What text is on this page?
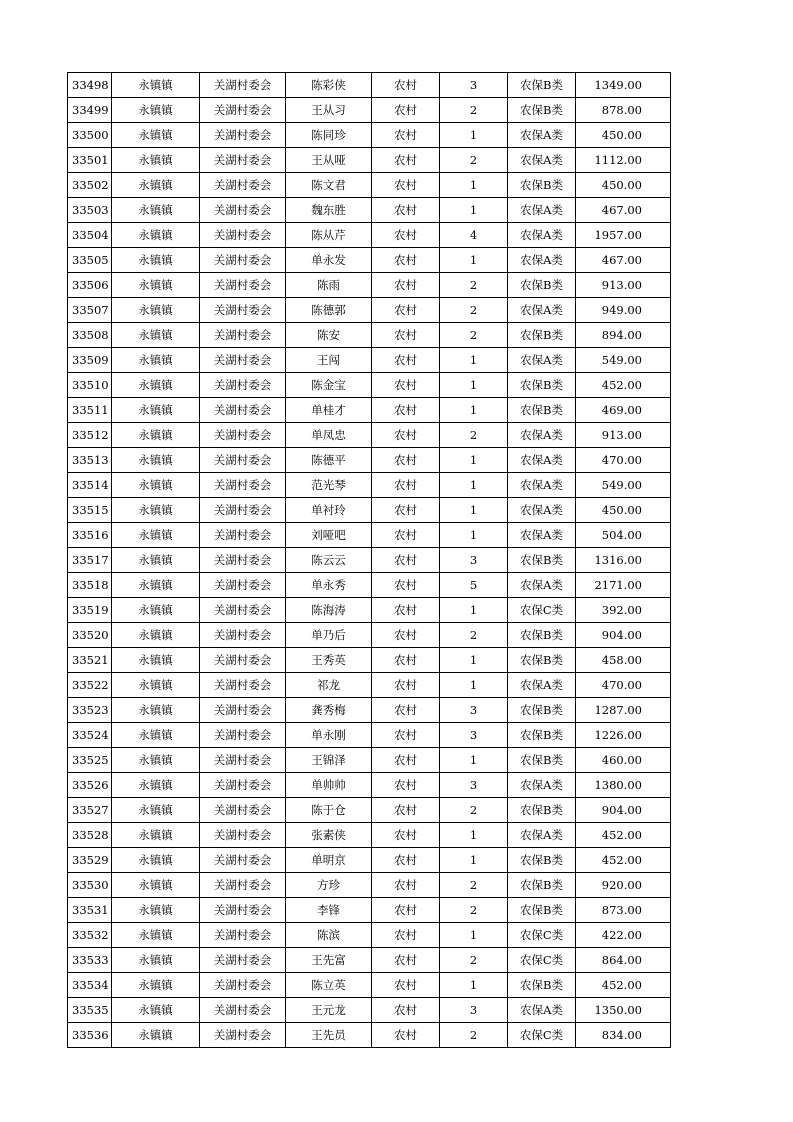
33498	永镇镇	关湖村委会	陈彩侠	农村	3	农保B类	1349.00
33499	永镇镇	关湖村委会	王从习	农村	2	农保B类	878.00
33500	永镇镇	关湖村委会	陈同珍	农村	1	农保A类	450.00
33501	永镇镇	关湖村委会	王从哑	农村	2	农保A类	1112.00
33502	永镇镇	关湖村委会	陈文君	农村	1	农保B类	450.00
33503	永镇镇	关湖村委会	魏东胜	农村	1	农保A类	467.00
33504	永镇镇	关湖村委会	陈从芹	农村	4	农保A类	1957.00
33505	永镇镇	关湖村委会	单永发	农村	1	农保A类	467.00
33506	永镇镇	关湖村委会	陈雨	农村	2	农保B类	913.00
33507	永镇镇	关湖村委会	陈德郭	农村	2	农保A类	949.00
33508	永镇镇	关湖村委会	陈安	农村	2	农保B类	894.00
33509	永镇镇	关湖村委会	王闯	农村	1	农保A类	549.00
33510	永镇镇	关湖村委会	陈金宝	农村	1	农保B类	452.00
33511	永镇镇	关湖村委会	单桂才	农村	1	农保B类	469.00
33512	永镇镇	关湖村委会	单凤忠	农村	2	农保A类	913.00
33513	永镇镇	关湖村委会	陈德平	农村	1	农保A类	470.00
33514	永镇镇	关湖村委会	范光琴	农村	1	农保A类	549.00
33515	永镇镇	关湖村委会	单衬玲	农村	1	农保A类	450.00
33516	永镇镇	关湖村委会	刘哑吧	农村	1	农保A类	504.00
33517	永镇镇	关湖村委会	陈云云	农村	3	农保B类	1316.00
33518	永镇镇	关湖村委会	单永秀	农村	5	农保A类	2171.00
33519	永镇镇	关湖村委会	陈海涛	农村	1	农保C类	392.00
33520	永镇镇	关湖村委会	单乃后	农村	2	农保B类	904.00
33521	永镇镇	关湖村委会	王秀英	农村	1	农保B类	458.00
33522	永镇镇	关湖村委会	祁龙	农村	1	农保A类	470.00
33523	永镇镇	关湖村委会	龚秀梅	农村	3	农保B类	1287.00
33524	永镇镇	关湖村委会	单永刚	农村	3	农保B类	1226.00
33525	永镇镇	关湖村委会	王锦泽	农村	1	农保B类	460.00
33526	永镇镇	关湖村委会	单帅帅	农村	3	农保A类	1380.00
33527	永镇镇	关湖村委会	陈于仓	农村	2	农保B类	904.00
33528	永镇镇	关湖村委会	张素侠	农村	1	农保A类	452.00
33529	永镇镇	关湖村委会	单明京	农村	1	农保B类	452.00
33530	永镇镇	关湖村委会	方珍	农村	2	农保B类	920.00
33531	永镇镇	关湖村委会	李锋	农村	2	农保B类	873.00
33532	永镇镇	关湖村委会	陈滨	农村	1	农保C类	422.00
33533	永镇镇	关湖村委会	王先富	农村	2	农保C类	864.00
33534	永镇镇	关湖村委会	陈立英	农村	1	农保B类	452.00
33535	永镇镇	关湖村委会	王元龙	农村	3	农保A类	1350.00
33536	永镇镇	关湖村委会	王先员	农村	2	农保C类	834.00
